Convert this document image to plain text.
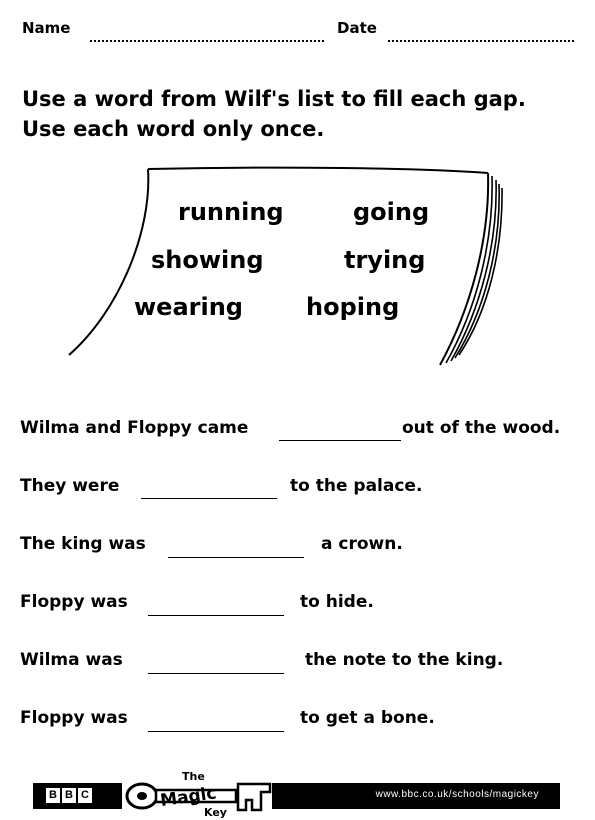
Name	Date
Use a word from Wilf's list to fill each gap.
Use each word only once.
running	going
showing	trying
wearing	hoping
Wilma and Floppy came	out of the wood.
They were	to the palace.
The king was	a crown.
Floppy was	to hide.
Wilma was	the note to the king.
Floppy was	to get a bone.
B B C
The
Magic
Key
www.bbc.co.uk/schools/magickey
